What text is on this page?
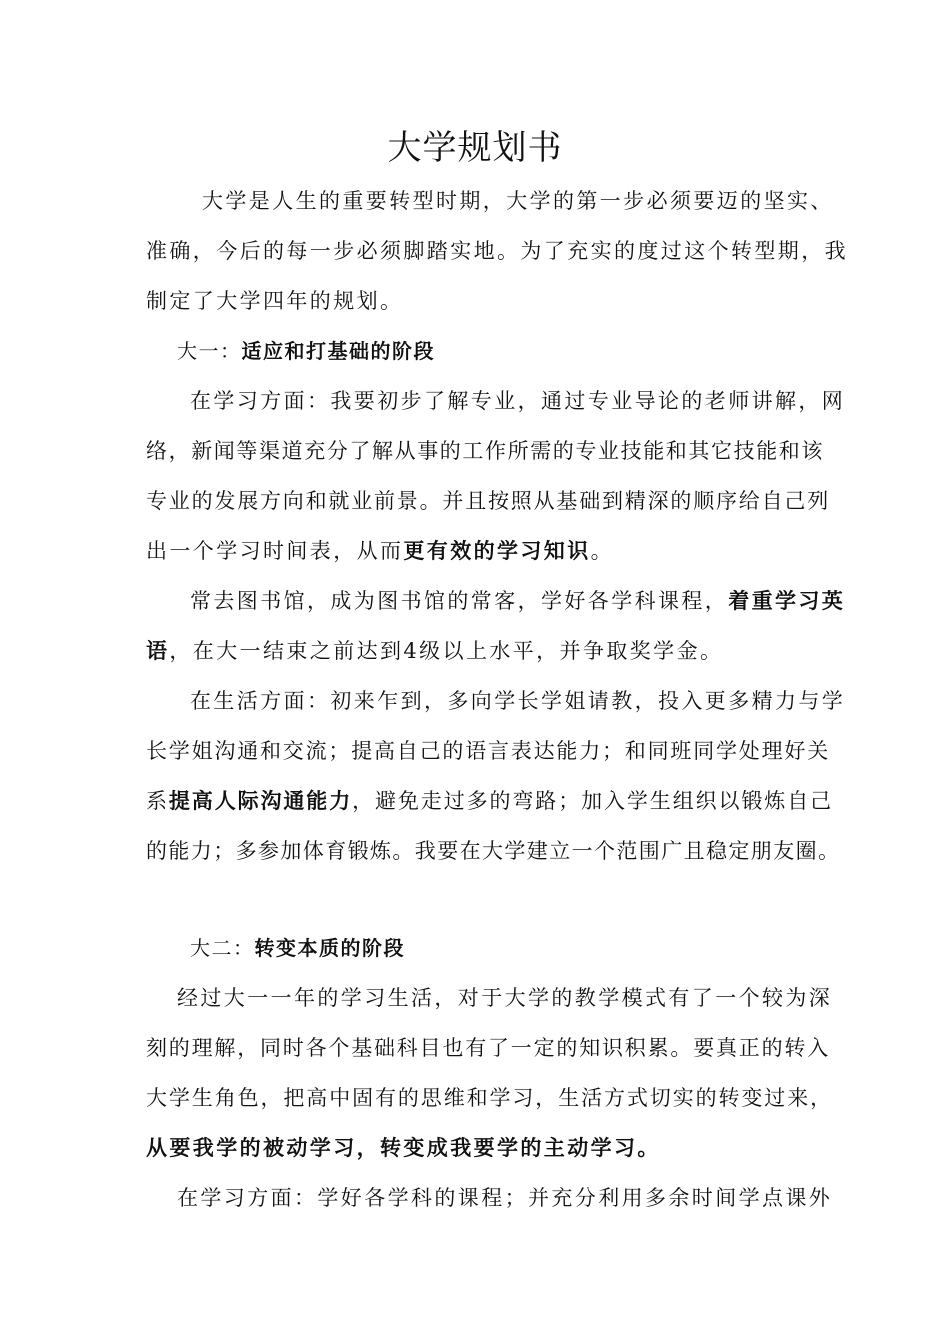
大学规划书
大学是人生的重要转型时期，大学的第一步必须要迈的坚实、
准确，今后的每一步必须脚踏实地。为了充实的度过这个转型期，我
制定了大学四年的规划。
大一：适应和打基础的阶段
在学习方面：我要初步了解专业，通过专业导论的老师讲解，网
络，新闻等渠道充分了解从事的工作所需的专业技能和其它技能和该
专业的发展方向和就业前景。并且按照从基础到精深的顺序给自己列
出一个学习时间表，从而更有效的学习知识。
常去图书馆，成为图书馆的常客，学好各学科课程，着重学习英
语，在大一结束之前达到4级以上水平，并争取奖学金。
在生活方面：初来乍到，多向学长学姐请教，投入更多精力与学
长学姐沟通和交流；提高自己的语言表达能力；和同班同学处理好关
系提高人际沟通能力，避免走过多的弯路；加入学生组织以锻炼自己
的能力；多参加体育锻炼。我要在大学建立一个范围广且稳定朋友圈。
大二：转变本质的阶段
经过大一一年的学习生活，对于大学的教学模式有了一个较为深
刻的理解，同时各个基础科目也有了一定的知识积累。要真正的转入
大学生角色，把高中固有的思维和学习，生活方式切实的转变过来，
从要我学的被动学习，转变成我要学的主动学习。
在学习方面：学好各学科的课程；并充分利用多余时间学点课外
